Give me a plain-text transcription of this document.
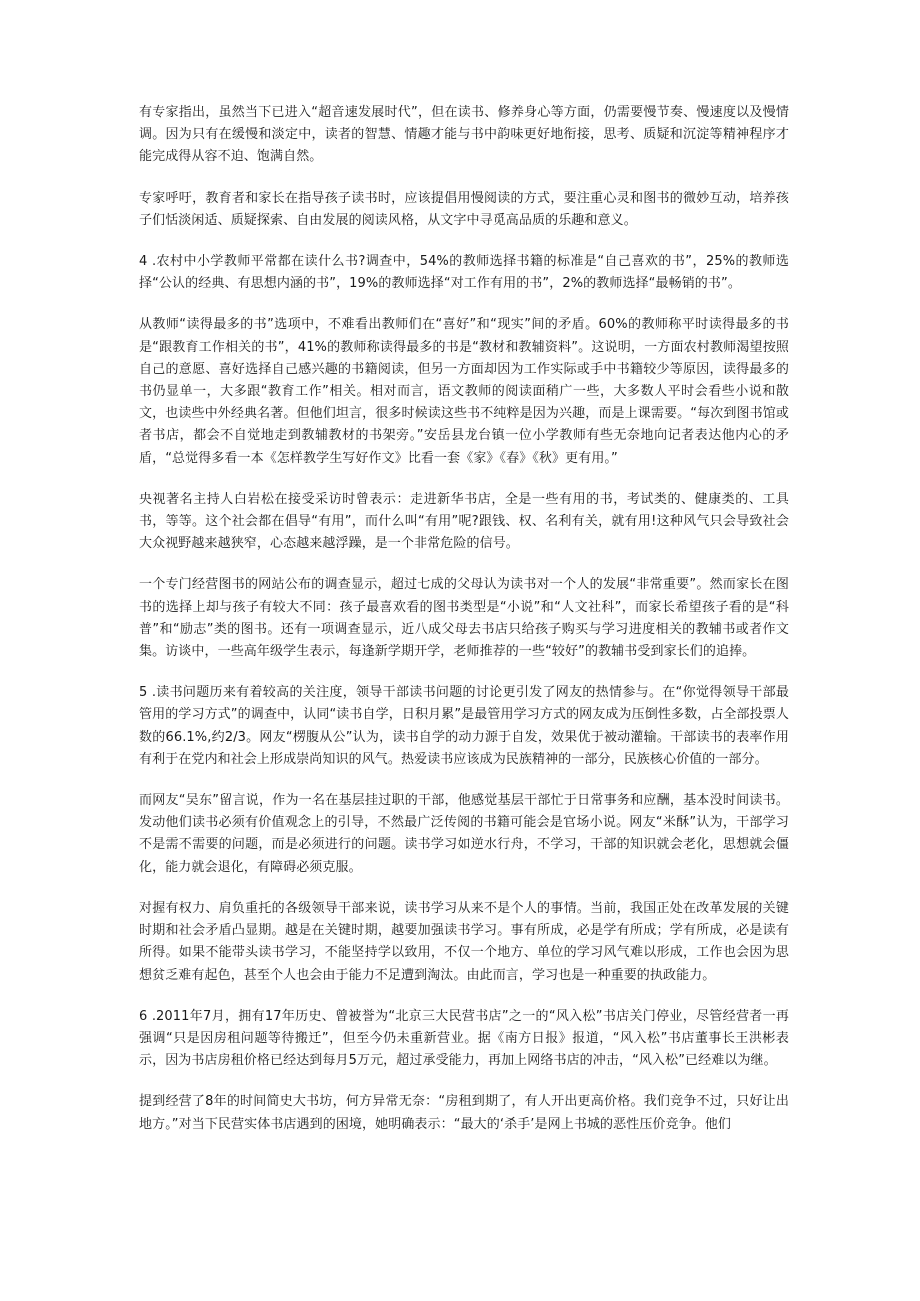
有专家指出，虽然当下已进入“超音速发展时代”，但在读书、修养身心等方面，仍需要慢节奏、慢速度以及慢情调。因为只有在缓慢和淡定中，读者的智慧、情趣才能与书中韵味更好地衔接，思考、质疑和沉淀等精神程序才能完成得从容不迫、饱满自然。

专家呼吁，教育者和家长在指导孩子读书时，应该提倡用慢阅读的方式，要注重心灵和图书的微妙互动，培养孩子们恬淡闲适、质疑探索、自由发展的阅读风格，从文字中寻觅高品质的乐趣和意义。

4 .农村中小学教师平常都在读什么书?调查中，54%的教师选择书籍的标准是“自己喜欢的书”，25%的教师选择“公认的经典、有思想内涵的书”，19%的教师选择“对工作有用的书”，2%的教师选择“最畅销的书”。

从教师“读得最多的书”选项中，不难看出教师们在“喜好”和“现实”间的矛盾。60%的教师称平时读得最多的书是“跟教育工作相关的书”，41%的教师称读得最多的书是“教材和教辅资料”。这说明，一方面农村教师渴望按照自己的意愿、喜好选择自己感兴趣的书籍阅读，但另一方面却因为工作实际或手中书籍较少等原因，读得最多的书仍显单一，大多跟“教育工作”相关。相对而言，语文教师的阅读面稍广一些，大多数人平时会看些小说和散文，也读些中外经典名著。但他们坦言，很多时候读这些书不纯粹是因为兴趣，而是上课需要。“每次到图书馆或者书店，都会不自觉地走到教辅教材的书架旁。”安岳县龙台镇一位小学教师有些无奈地向记者表达他内心的矛盾，“总觉得多看一本《怎样教学生写好作文》比看一套《家》《春》《秋》更有用。”

央视著名主持人白岩松在接受采访时曾表示：走进新华书店，全是一些有用的书，考试类的、健康类的、工具书，等等。这个社会都在倡导“有用”，而什么叫“有用”呢?跟钱、权、名利有关，就有用!这种风气只会导致社会大众视野越来越狭窄，心态越来越浮躁，是一个非常危险的信号。

一个专门经营图书的网站公布的调查显示，超过七成的父母认为读书对一个人的发展“非常重要”。然而家长在图书的选择上却与孩子有较大不同：孩子最喜欢看的图书类型是“小说”和“人文社科”，而家长希望孩子看的是“科普”和“励志”类的图书。还有一项调查显示，近八成父母去书店只给孩子购买与学习进度相关的教辅书或者作文集。访谈中，一些高年级学生表示，每逢新学期开学，老师推荐的一些“较好”的教辅书受到家长们的追捧。

5 .读书问题历来有着较高的关注度，领导干部读书问题的讨论更引发了网友的热情参与。在“你觉得领导干部最管用的学习方式”的调查中，认同“读书自学，日积月累”是最管用学习方式的网友成为压倒性多数，占全部投票人数的66.1%,约2/3。网友“楞腹从公”认为，读书自学的动力源于自发，效果优于被动灌输。干部读书的表率作用有利于在党内和社会上形成崇尚知识的风气。热爱读书应该成为民族精神的一部分，民族核心价值的一部分。

而网友“吴东”留言说，作为一名在基层挂过职的干部，他感觉基层干部忙于日常事务和应酬，基本没时间读书。发动他们读书必须有价值观念上的引导，不然最广泛传阅的书籍可能会是官场小说。网友“米酥”认为，干部学习不是需不需要的问题，而是必须进行的问题。读书学习如逆水行舟，不学习，干部的知识就会老化，思想就会僵化，能力就会退化，有障碍必须克服。

对握有权力、肩负重托的各级领导干部来说，读书学习从来不是个人的事情。当前，我国正处在改革发展的关键时期和社会矛盾凸显期。越是在关键时期，越要加强读书学习。事有所成，必是学有所成；学有所成，必是读有所得。如果不能带头读书学习，不能坚持学以致用，不仅一个地方、单位的学习风气难以形成，工作也会因为思想贫乏难有起色，甚至个人也会由于能力不足遭到淘汰。由此而言，学习也是一种重要的执政能力。

6 .2011年7月，拥有17年历史、曾被誉为“北京三大民营书店”之一的“风入松”书店关门停业，尽管经营者一再强调“只是因房租问题等待搬迁”，但至今仍未重新营业。据《南方日报》报道，“风入松”书店董事长王洪彬表示，因为书店房租价格已经达到每月5万元，超过承受能力，再加上网络书店的冲击，“风入松”已经难以为继。

提到经营了8年的时间简史大书坊，何方异常无奈：“房租到期了，有人开出更高价格。我们竞争不过，只好让出地方。”对当下民营实体书店遇到的困境，她明确表示：“最大的‘杀手’是网上书城的恶性压价竞争。他们
